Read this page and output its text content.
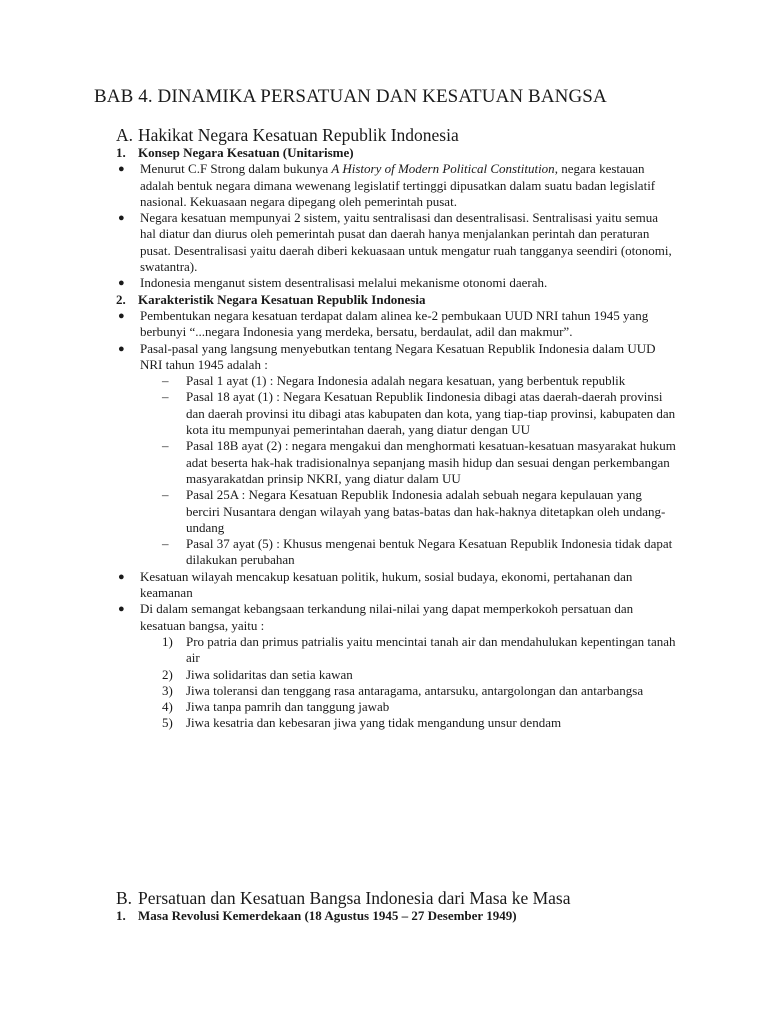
BAB 4. DINAMIKA PERSATUAN DAN KESATUAN BANGSA
A. Hakikat Negara Kesatuan Republik Indonesia
1. Konsep Negara Kesatuan (Unitarisme)
●	Menurut C.F Strong dalam bukunya A History of Modern Political Constitution, negara kestauan adalah bentuk negara dimana wewenang legislatif tertinggi dipusatkan dalam suatu badan legislatif nasional. Kekuasaan negara dipegang oleh pemerintah pusat.
●	Negara kesatuan mempunyai 2 sistem, yaitu sentralisasi dan desentralisasi. Sentralisasi yaitu semua hal diatur dan diurus oleh pemerintah pusat dan daerah hanya menjalankan perintah dan peraturan pusat. Desentralisasi yaitu daerah diberi kekuasaan untuk mengatur ruah tangganya seendiri (otonomi, swatantra).
●	Indonesia menganut sistem desentralisasi melalui mekanisme otonomi daerah.
2. Karakteristik Negara Kesatuan Republik Indonesia
●	Pembentukan negara kesatuan terdapat dalam alinea ke-2 pembukaan UUD NRI tahun 1945 yang berbunyi “...negara Indonesia yang merdeka, bersatu, berdaulat, adil dan makmur”.
●	Pasal-pasal yang langsung menyebutkan tentang Negara Kesatuan Republik Indonesia dalam UUD NRI tahun 1945 adalah :
–	Pasal 1 ayat (1) : Negara Indonesia adalah negara kesatuan, yang berbentuk republik
–	Pasal 18 ayat (1) : Negara Kesatuan Republik Iindonesia dibagi atas daerah-daerah provinsi dan daerah provinsi itu dibagi atas kabupaten dan kota, yang tiap-tiap provinsi, kabupaten dan kota itu mempunyai pemerintahan daerah, yang diatur dengan UU
–	Pasal 18B ayat (2) : negara mengakui dan menghormati kesatuan-kesatuan masyarakat hukum adat beserta hak-hak tradisionalnya sepanjang masih hidup dan sesuai dengan perkembangan masyarakatdan prinsip NKRI, yang diatur dalam UU
–	Pasal 25A : Negara Kesatuan Republik Indonesia adalah sebuah negara kepulauan yang berciri Nusantara dengan wilayah yang batas-batas dan hak-haknya ditetapkan oleh undang-undang
–	Pasal 37 ayat (5) : Khusus mengenai bentuk Negara Kesatuan Republik Indonesia tidak dapat dilakukan perubahan
●	Kesatuan wilayah mencakup kesatuan politik, hukum, sosial budaya, ekonomi, pertahanan dan keamanan
●	Di dalam semangat kebangsaan terkandung nilai-nilai yang dapat memperkokoh persatuan dan kesatuan bangsa, yaitu :
1)	Pro patria dan primus patrialis yaitu mencintai tanah air dan mendahulukan kepentingan tanah air
2)	Jiwa solidaritas dan setia kawan
3)	Jiwa toleransi dan tenggang rasa antaragama, antarsuku, antargolongan dan antarbangsa
4)	Jiwa tanpa pamrih dan tanggung jawab
5)	Jiwa kesatria dan kebesaran jiwa yang tidak mengandung unsur dendam
B. Persatuan dan Kesatuan Bangsa Indonesia dari Masa ke Masa
1. Masa Revolusi Kemerdekaan (18 Agustus 1945 – 27 Desember 1949)
